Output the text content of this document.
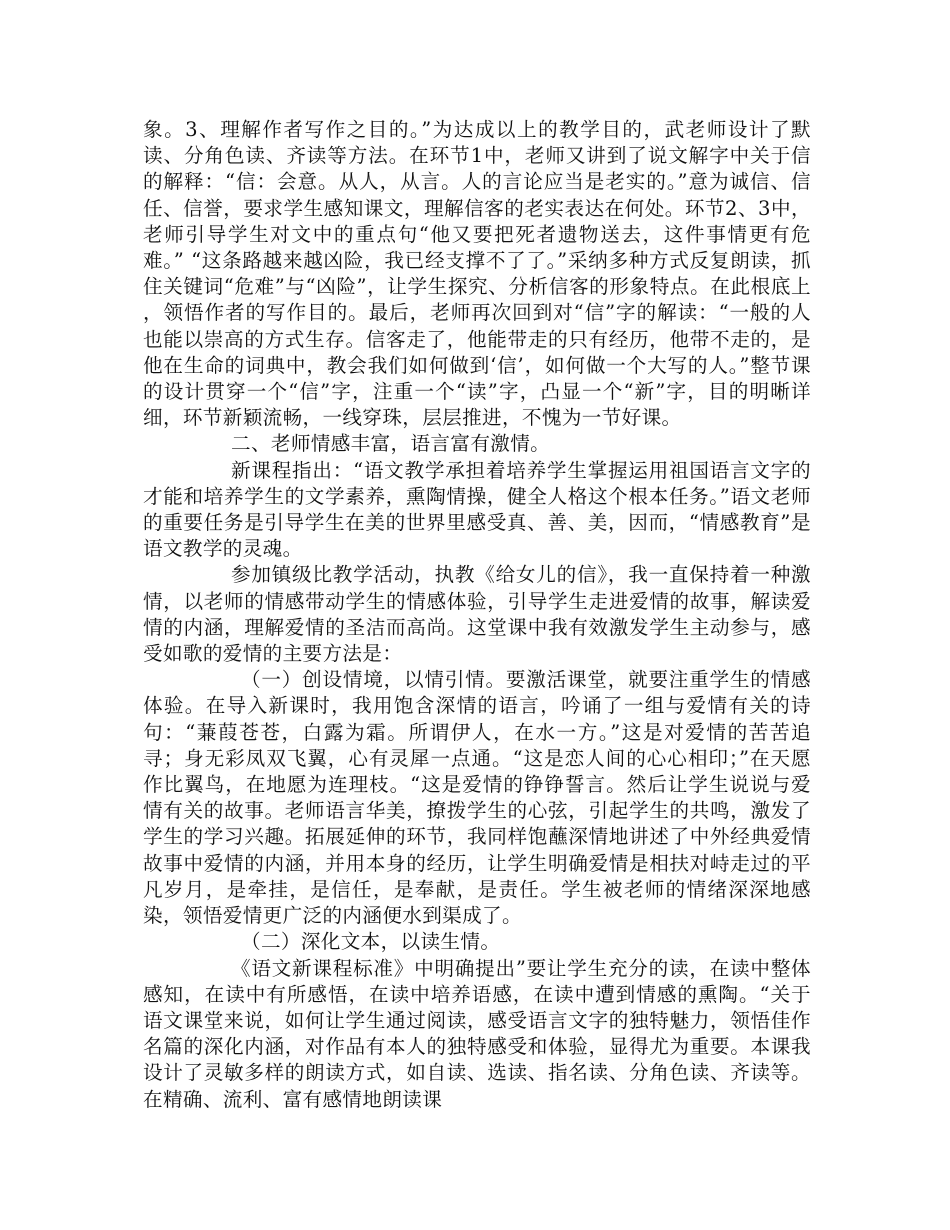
象。3、理解作者写作之目的。”为达成以上的教学目的，武老师设计了默读、分角色读、齐读等方法。在环节1中，老师又讲到了说文解字中关于信的解释：“信：会意。从人，从言。人的言论应当是老实的。”意为诚信、信任、信誉，要求学生感知课文，理解信客的老实表达在何处。环节2、3中，老师引导学生对文中的重点句“他又要把死者遗物送去，这件事情更有危难。” “这条路越来越凶险，我已经支撑不了了。”采纳多种方式反复朗读，抓住关键词“危难”与“凶险”，让学生探究、分析信客的形象特点。在此根底上 ，领悟作者的写作目的。最后，老师再次回到对“信”字的解读：“一般的人也能以崇高的方式生存。信客走了，他能带走的只有经历，他带不走的，是他在生命的词典中，教会我们如何做到‘信’，如何做一个大写的人。”整节课的设计贯穿一个“信”字，注重一个“读”字，凸显一个“新”字，目的明晰详细，环节新颖流畅，一线穿珠，层层推进，不愧为一节好课。

二、老师情感丰富，语言富有激情。

新课程指出：“语文教学承担着培养学生掌握运用祖国语言文字的才能和培养学生的文学素养，熏陶情操，健全人格这个根本任务。”语文老师的重要任务是引导学生在美的世界里感受真、善、美，因而，“情感教育”是语文教学的灵魂。

参加镇级比教学活动，执教《给女儿的信》，我一直保持着一种激情，以老师的情感带动学生的情感体验，引导学生走进爱情的故事，解读爱情的内涵，理解爱情的圣洁而高尚。这堂课中我有效激发学生主动参与，感受如歌的爱情的主要方法是：

（一）创设情境，以情引情。要激活课堂，就要注重学生的情感体验。在导入新课时，我用饱含深情的语言，吟诵了一组与爱情有关的诗句：“蒹葭苍苍，白露为霜。所谓伊人，在水一方。”这是对爱情的苦苦追寻；身无彩凤双飞翼，心有灵犀一点通。“这是恋人间的心心相印；”在天愿作比翼鸟，在地愿为连理枝。“这是爱情的铮铮誓言。然后让学生说说与爱情有关的故事。老师语言华美，撩拨学生的心弦，引起学生的共鸣，激发了学生的学习兴趣。拓展延伸的环节，我同样饱蘸深情地讲述了中外经典爱情故事中爱情的内涵，并用本身的经历，让学生明确爱情是相扶对峙走过的平凡岁月，是牵挂，是信任，是奉献，是责任。学生被老师的情绪深深地感染，领悟爱情更广泛的内涵便水到渠成了。

（二）深化文本，以读生情。

《语文新课程标准》中明确提出”要让学生充分的读，在读中整体感知，在读中有所感悟，在读中培养语感，在读中遭到情感的熏陶。“关于语文课堂来说，如何让学生通过阅读，感受语言文字的独特魅力，领悟佳作名篇的深化内涵，对作品有本人的独特感受和体验，显得尤为重要。本课我设计了灵敏多样的朗读方式，如自读、选读、指名读、分角色读、齐读等。在精确、流利、富有感情地朗读课
